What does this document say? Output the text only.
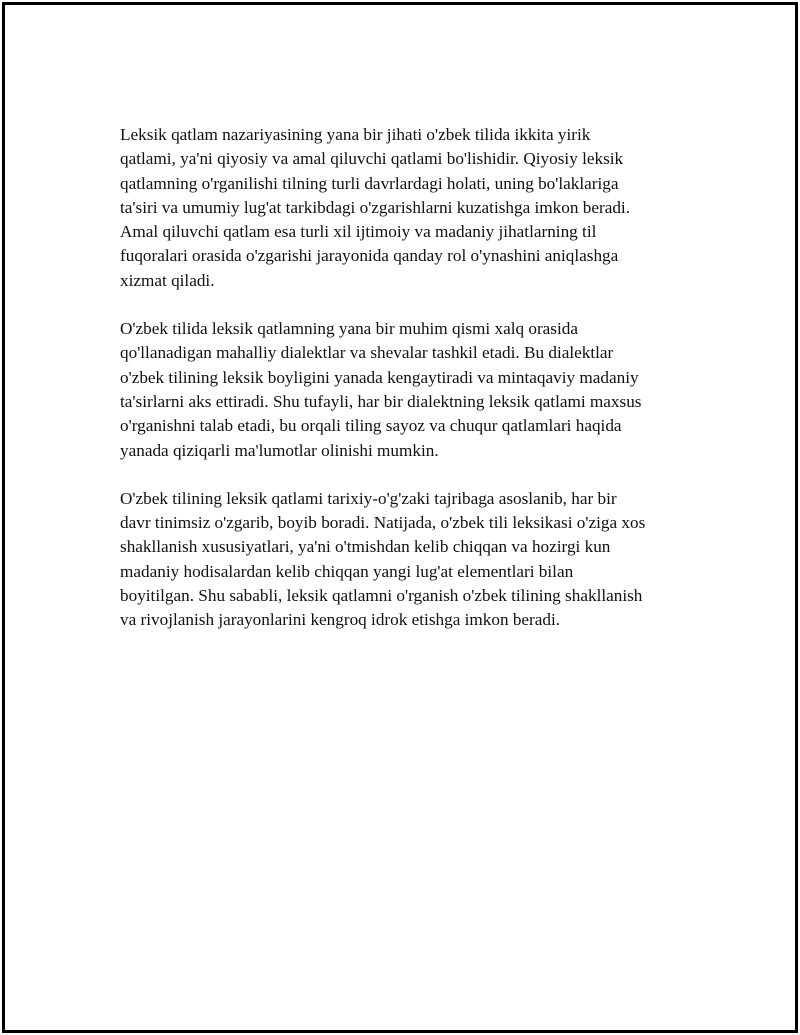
Leksik qatlam nazariyasining yana bir jihati o'zbek tilida ikkita yirik
qatlami, ya'ni qiyosiy va amal qiluvchi qatlami bo'lishidir. Qiyosiy leksik
qatlamning o'rganilishi tilning turli davrlardagi holati, uning bo'laklariga
ta'siri va umumiy lug'at tarkibdagi o'zgarishlarni kuzatishga imkon beradi.
Amal qiluvchi qatlam esa turli xil ijtimoiy va madaniy jihatlarning til
fuqoralari orasida o'zgarishi jarayonida qanday rol o'ynashini aniqlashga
xizmat qiladi.

O'zbek tilida leksik qatlamning yana bir muhim qismi xalq orasida
qo'llanadigan mahalliy dialektlar va shevalar tashkil etadi. Bu dialektlar
o'zbek tilining leksik boyligini yanada kengaytiradi va mintaqaviy madaniy
ta'sirlarni aks ettiradi. Shu tufayli, har bir dialektning leksik qatlami maxsus
o'rganishni talab etadi, bu orqali tiling sayoz va chuqur qatlamlari haqida
yanada qiziqarli ma'lumotlar olinishi mumkin.

O'zbek tilining leksik qatlami tarixiy-o'g'zaki tajribaga asoslanib, har bir
davr tinimsiz o'zgarib, boyib boradi. Natijada, o'zbek tili leksikasi o'ziga xos
shakllanish xususiyatlari, ya'ni o'tmishdan kelib chiqqan va hozirgi kun
madaniy hodisalardan kelib chiqqan yangi lug'at elementlari bilan
boyitilgan. Shu sababli, leksik qatlamni o'rganish o'zbek tilining shakllanish
va rivojlanish jarayonlarini kengroq idrok etishga imkon beradi.
